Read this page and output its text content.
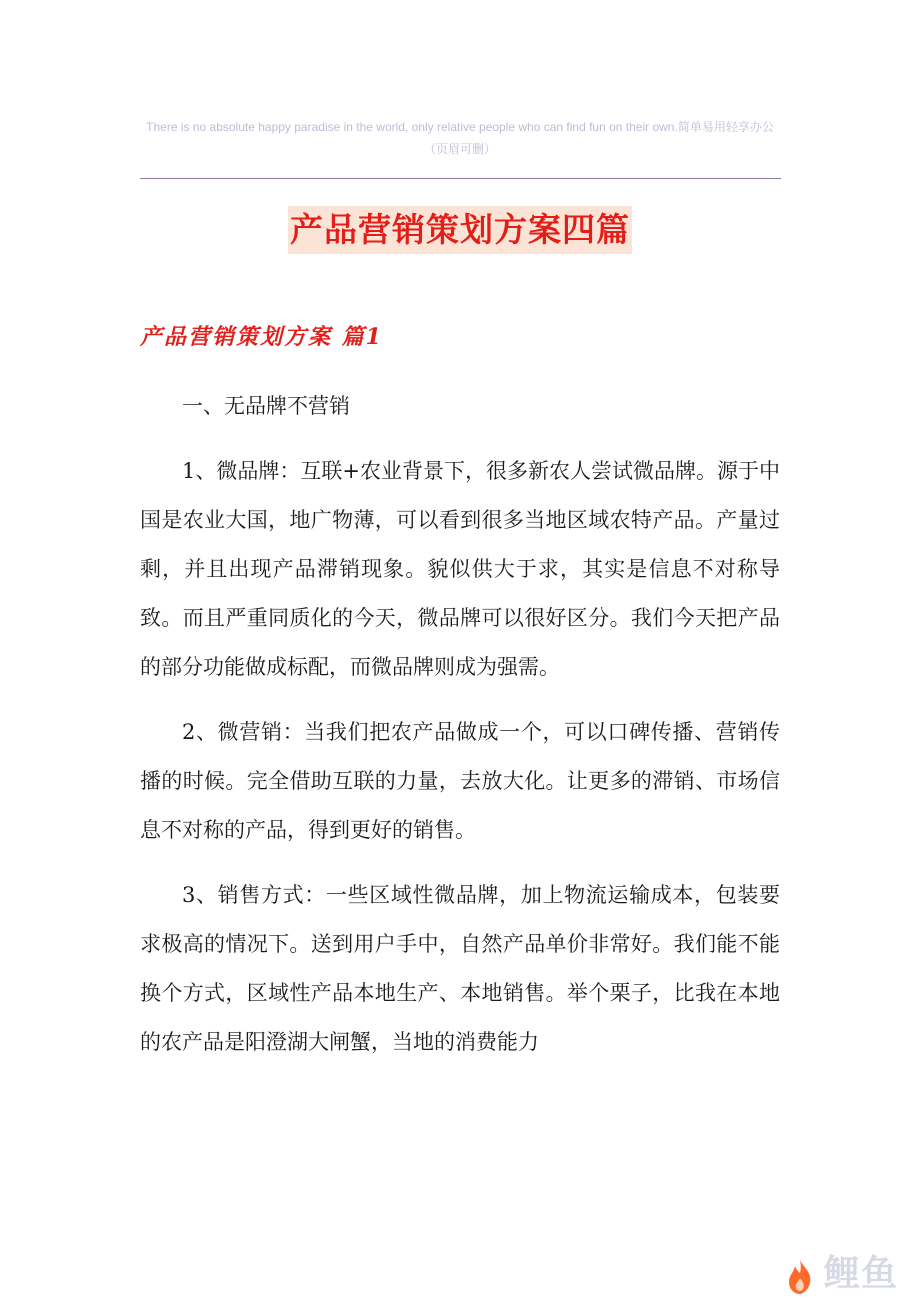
There is no absolute happy paradise in the world, only relative people who can find fun on their own.简单易用轻享办公（页眉可删）
产品营销策划方案四篇
产品营销策划方案 篇1

一、无品牌不营销

1、微品牌：互联+农业背景下，很多新农人尝试微品牌。源于中国是农业大国，地广物薄，可以看到很多当地区域农特产品。产量过剩，并且出现产品滞销现象。貌似供大于求，其实是信息不对称导致。而且严重同质化的今天，微品牌可以很好区分。我们今天把产品的部分功能做成标配，而微品牌则成为强需。

2、微营销：当我们把农产品做成一个，可以口碑传播、营销传播的时候。完全借助互联的力量，去放大化。让更多的滞销、市场信息不对称的产品，得到更好的销售。

3、销售方式：一些区域性微品牌，加上物流运输成本，包装要求极高的情况下。送到用户手中，自然产品单价非常好。我们能不能换个方式，区域性产品本地生产、本地销售。举个栗子，比我在本地的农产品是阳澄湖大闸蟹，当地的消费能力

鲤鱼
